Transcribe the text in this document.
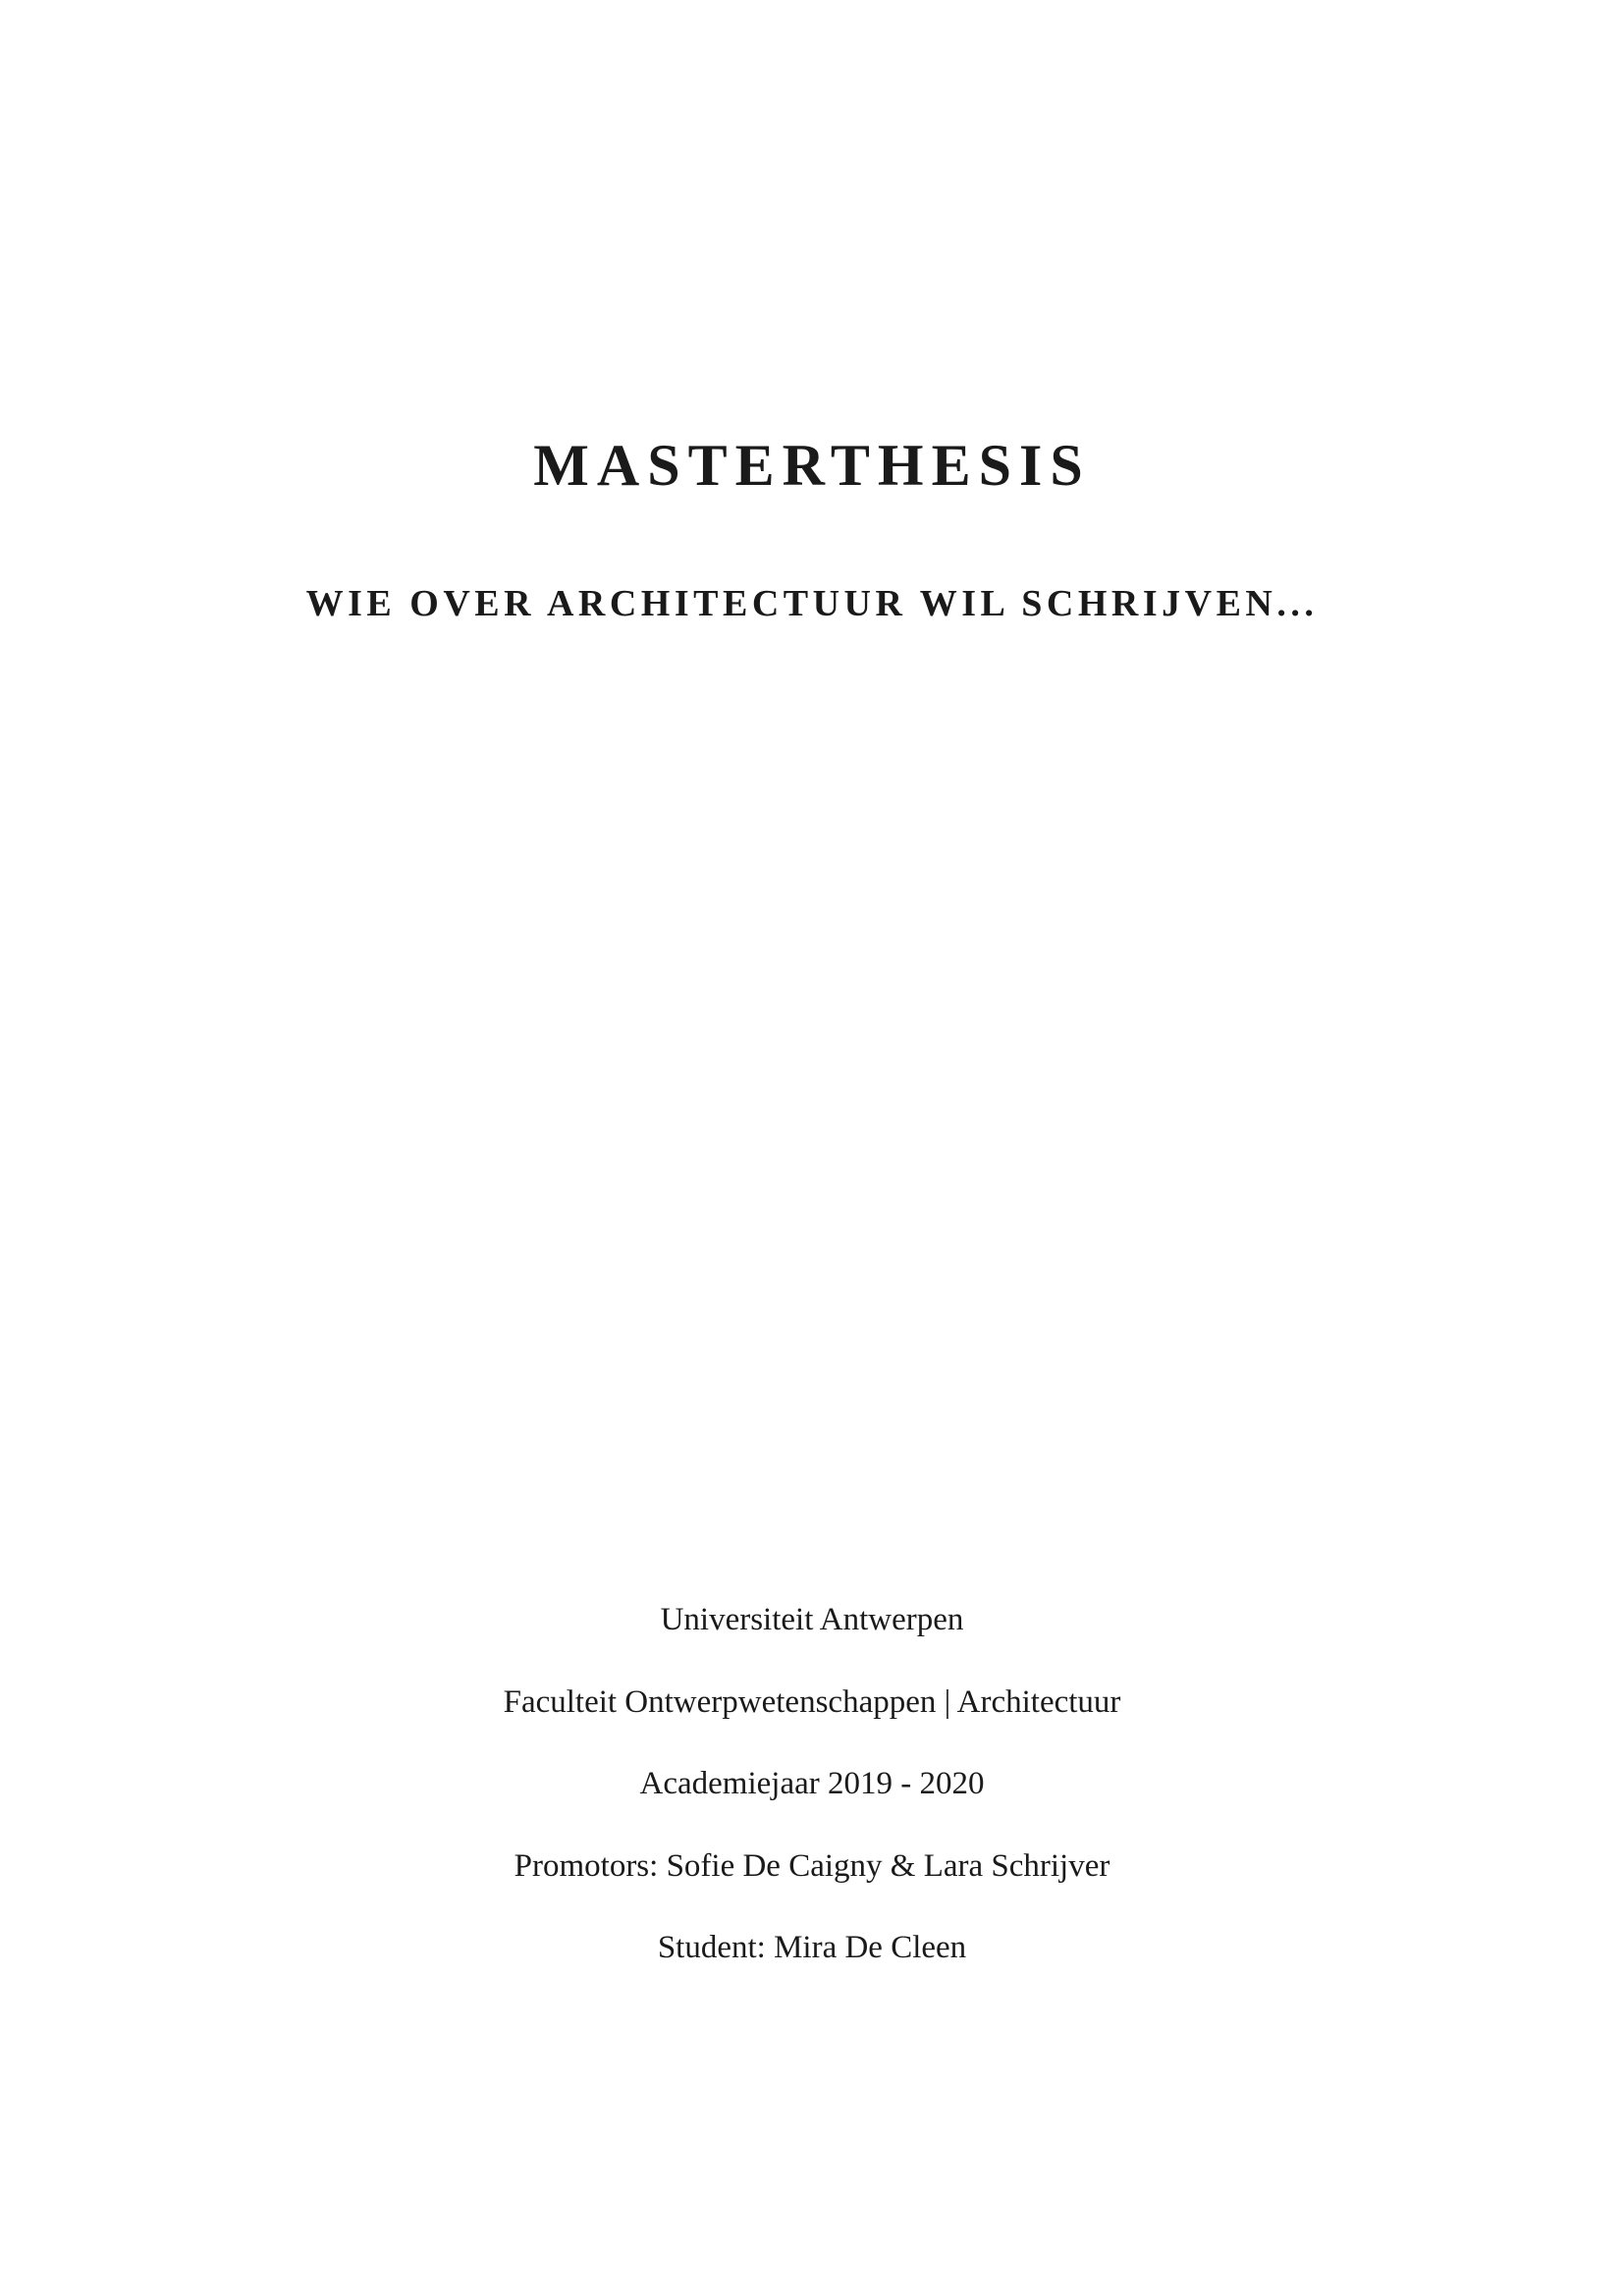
MASTERTHESIS
WIE OVER ARCHITECTUUR WIL SCHRIJVEN...
Universiteit Antwerpen
Faculteit Ontwerpwetenschappen | Architectuur
Academiejaar 2019 - 2020
Promotors: Sofie De Caigny & Lara Schrijver
Student: Mira De Cleen
